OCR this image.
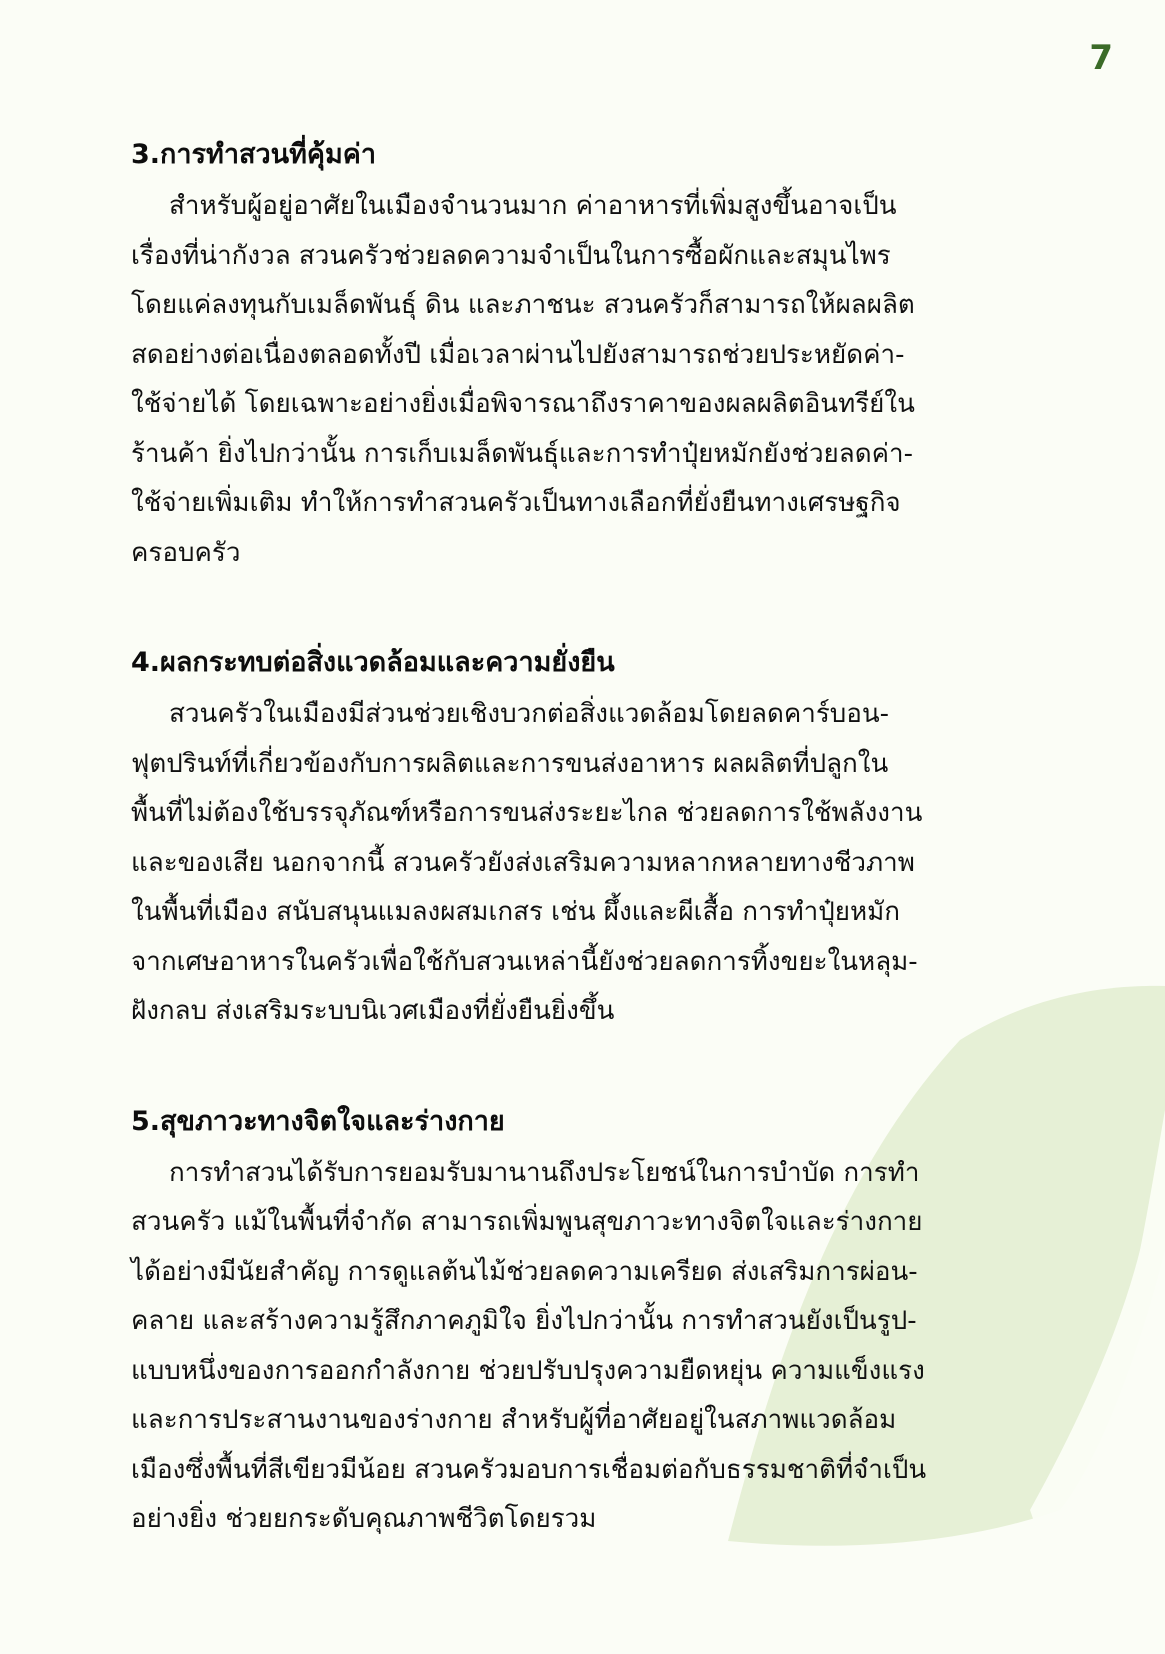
7
3.การทำสวนที่คุ้มค่า

สำหรับผู้อยู่อาศัยในเมืองจำนวนมาก ค่าอาหารที่เพิ่มสูงขึ้นอาจเป็น
เรื่องที่น่ากังวล สวนครัวช่วยลดความจำเป็นในการซื้อผักและสมุนไพร
โดยแค่ลงทุนกับเมล็ดพันธุ์ ดิน และภาชนะ สวนครัวก็สามารถให้ผลผลิต
สดอย่างต่อเนื่องตลอดทั้งปี เมื่อเวลาผ่านไปยังสามารถช่วยประหยัดค่า-
ใช้จ่ายได้ โดยเฉพาะอย่างยิ่งเมื่อพิจารณาถึงราคาของผลผลิตอินทรีย์ใน
ร้านค้า ยิ่งไปกว่านั้น การเก็บเมล็ดพันธุ์และการทำปุ๋ยหมักยังช่วยลดค่า-
ใช้จ่ายเพิ่มเติม ทำให้การทำสวนครัวเป็นทางเลือกที่ยั่งยืนทางเศรษฐกิจ
ครอบครัว

4.ผลกระทบต่อสิ่งแวดล้อมและความยั่งยืน

สวนครัวในเมืองมีส่วนช่วยเชิงบวกต่อสิ่งแวดล้อมโดยลดคาร์บอน-
ฟุตปรินท์ที่เกี่ยวข้องกับการผลิตและการขนส่งอาหาร ผลผลิตที่ปลูกใน
พื้นที่ไม่ต้องใช้บรรจุภัณฑ์หรือการขนส่งระยะไกล ช่วยลดการใช้พลังงาน
และของเสีย นอกจากนี้ สวนครัวยังส่งเสริมความหลากหลายทางชีวภาพ
ในพื้นที่เมือง สนับสนุนแมลงผสมเกสร เช่น ผึ้งและผีเสื้อ การทำปุ๋ยหมัก
จากเศษอาหารในครัวเพื่อใช้กับสวนเหล่านี้ยังช่วยลดการทิ้งขยะในหลุม-
ฝังกลบ ส่งเสริมระบบนิเวศเมืองที่ยั่งยืนยิ่งขึ้น

5.สุขภาวะทางจิตใจและร่างกาย

การทำสวนได้รับการยอมรับมานานถึงประโยชน์ในการบำบัด การทำ
สวนครัว แม้ในพื้นที่จำกัด สามารถเพิ่มพูนสุขภาวะทางจิตใจและร่างกาย
ได้อย่างมีนัยสำคัญ การดูแลต้นไม้ช่วยลดความเครียด ส่งเสริมการผ่อน-
คลาย และสร้างความรู้สึกภาคภูมิใจ ยิ่งไปกว่านั้น การทำสวนยังเป็นรูป-
แบบหนึ่งของการออกกำลังกาย ช่วยปรับปรุงความยืดหยุ่น ความแข็งแรง
และการประสานงานของร่างกาย สำหรับผู้ที่อาศัยอยู่ในสภาพแวดล้อม
เมืองซึ่งพื้นที่สีเขียวมีน้อย สวนครัวมอบการเชื่อมต่อกับธรรมชาติที่จำเป็น
อย่างยิ่ง ช่วยยกระดับคุณภาพชีวิตโดยรวม
